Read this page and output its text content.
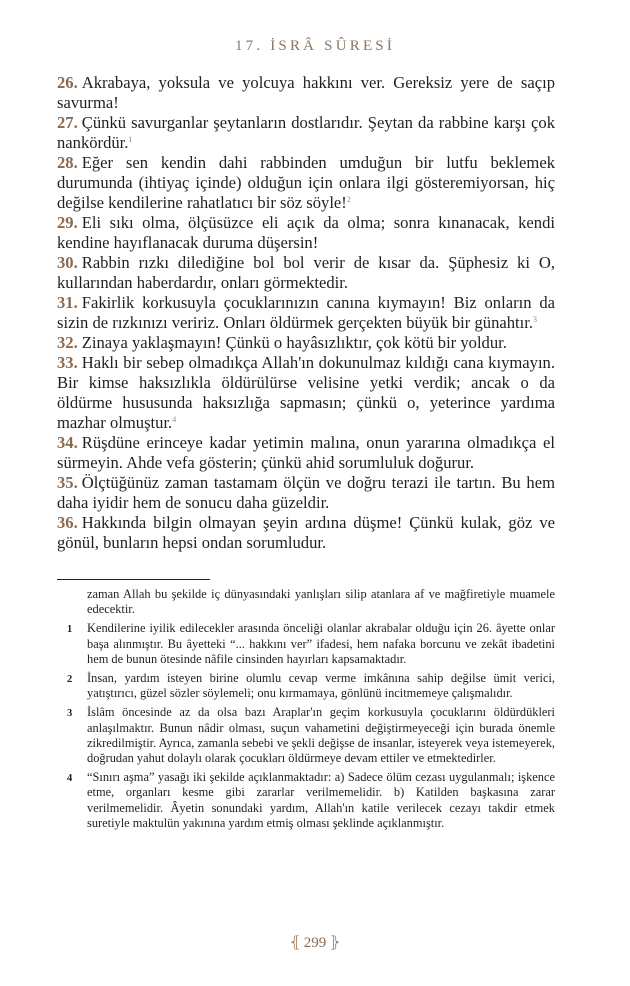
17. İSRÂ SÛRESİ

26. Akrabaya, yoksula ve yolcuya hakkını ver. Gereksiz yere de saçıp savurma!

27. Çünkü savurganlar şeytanların dostlarıdır. Şeytan da rabbine karşı çok nankördür.$^1$

28. Eğer sen kendin dahi rabbinden umduğun bir lutfu beklemek durumunda (ihtiyaç içinde) olduğun için onlara ilgi gösteremiyorsan, hiç değilse kendilerine rahatlatıcı bir söz söyle!$^2$

29. Eli sıkı olma, ölçüsüzce eli açık da olma; sonra kınanacak, kendi kendine hayıflanacak duruma düşersin!

30. Rabbin rızkı dilediğine bol bol verir de kısar da. Şüphesiz ki O, kullarından haberdardır, onları görmektedir.

31. Fakirlik korkusuyla çocuklarınızın canına kıymayın! Biz onların da sizin de rızkınızı veririz. Onları öldürmek gerçekten büyük bir günahtır.$^3$

32. Zinaya yaklaşmayın! Çünkü o hayâsızlıktır, çok kötü bir yoldur.

33. Haklı bir sebep olmadıkça Allah'ın dokunulmaz kıldığı cana kıymayın. Bir kimse haksızlıkla öldürülürse velisine yetki verdik; ancak o da öldürme hususunda haksızlığa sapmasın; çünkü o, yeterince yardıma mazhar olmuştur.$^4$

34. Rüşdüne erinceye kadar yetimin malına, onun yararına olmadıkça el sürmeyin. Ahde vefa gösterin; çünkü ahid sorumluluk doğurur.

35. Ölçtüğünüz zaman tastamam ölçün ve doğru terazi ile tartın. Bu hem daha iyidir hem de sonucu daha güzeldir.

36. Hakkında bilgin olmayan şeyin ardına düşme! Çünkü kulak, göz ve gönül, bunların hepsi ondan sorumludur.

zaman Allah bu şekilde iç dünyasındaki yanlışları silip atanlara af ve mağfiretiyle muamele edecektir.
1	Kendilerine iyilik edilecekler arasında önceliği olanlar akrabalar olduğu için 26. âyette onlar başa alınmıştır. Bu âyetteki “... hakkını ver” ifadesi, hem nafaka borcunu ve zekât ibadetini hem de bunun ötesinde nâfile cinsinden hayırları kapsamaktadır.
2	İnsan, yardım isteyen birine olumlu cevap verme imkânına sahip değilse ümit verici, yatıştırıcı, güzel sözler söylemeli; onu kırmamaya, gönlünü incitmemeye çalışmalıdır.
3	İslâm öncesinde az da olsa bazı Araplar'ın geçim korkusuyla çocuklarını öldürdükleri anlaşılmaktır. Bunun nâdir olması, suçun vahametini değiştirmeyeceği için burada önemle zikredilmiştir. Ayrıca, zamanla sebebi ve şekli değişse de insanlar, isteyerek veya istemeyerek, doğrudan yahut dolaylı olarak çocukları öldürmeye devam ettiler ve etmektedirler.
4	“Sınırı aşma” yasağı iki şekilde açıklanmaktadır: a) Sadece ölüm cezası uygulanmalı; işkence etme, organları kesme gibi zararlar verilmemelidir. b) Katilden başkasına zarar verilmemelidir. Âyetin sonundaki yardım, Allah'ın katile verilecek cezayı takdir etmek suretiyle maktulün yakınına yardım etmiş olması şeklinde açıklanmıştır.
⦃ 299 ⦄
